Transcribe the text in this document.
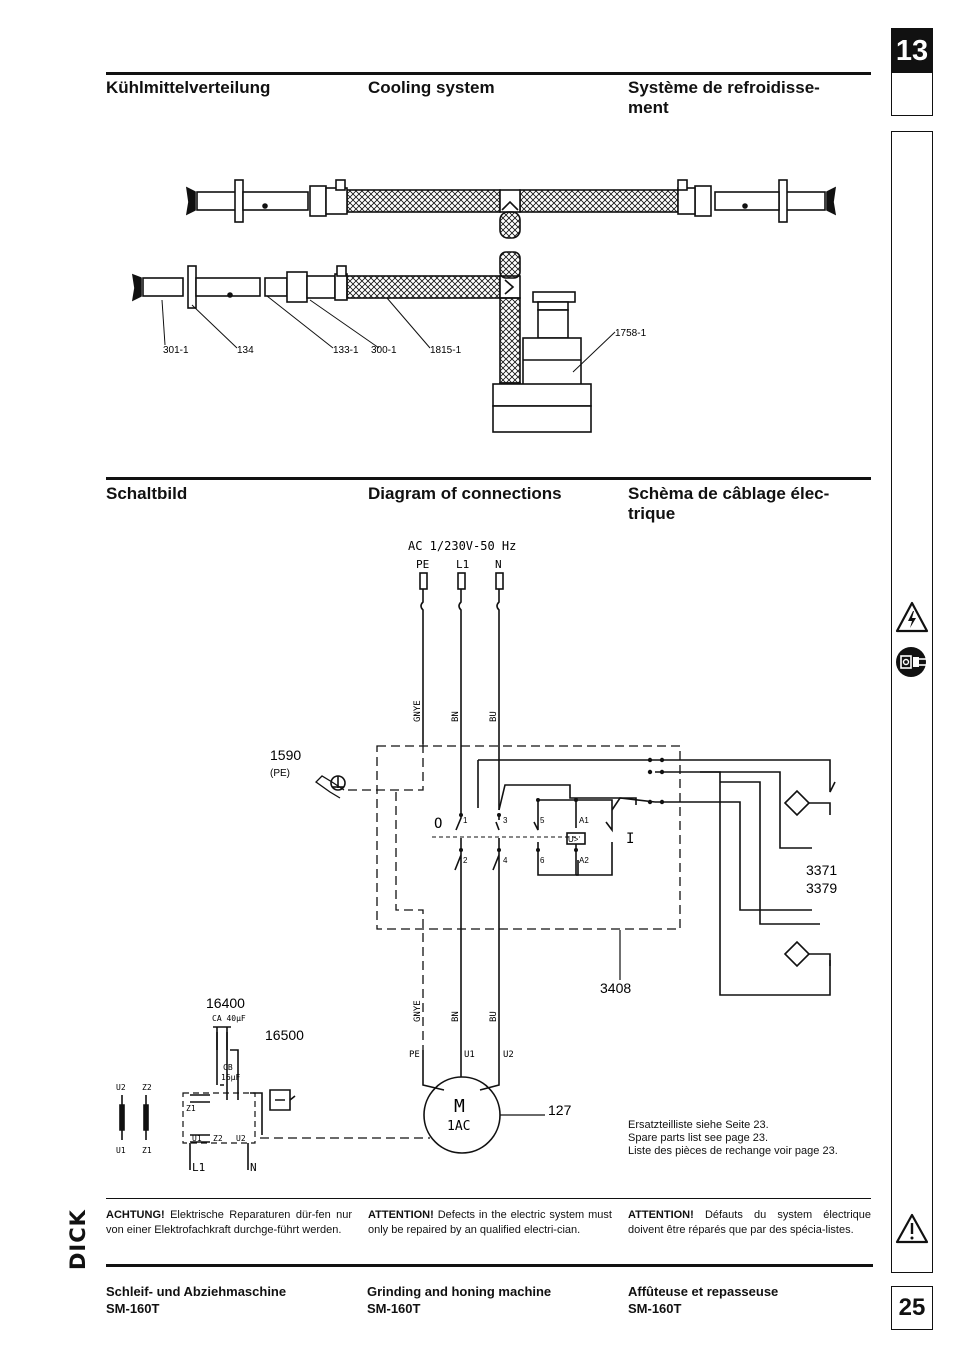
13
25
DICK
Kühlmittelverteilung	Cooling system	Système de refroidisse-
ment
301-1	134	133-1 300-1	1815-1
1758-1
Schaltbild	Diagram of connections	Schèma de câblage élec-
trique
AC 1/230V-50 Hz
PE L1 N
GNYE	BN	BU
GNYE	BN	BU
1590
(PE)
O
I
1	3	5	A1
2	4	6	A2
U>
3371
3379
3408
PE	U1	U2
M
1AC
127
16400
CA 40µF
16500
CB
16µF
U2 Z2
U1 Z1
Z1
U1 Z2 U2
L1	N
Ersatzteilliste siehe Seite 23.
Spare parts list see page 23.
Liste des pièces de rechange voir page 23.
ACHTUNG! Elektrische Reparaturen dür-fen nur von einer Elektrofachkraft durchge-führt werden.
ATTENTION! Defects in the electric system must only be repaired by an qualified electri-cian.
ATTENTION! Défauts du system électrique doivent être réparés que par des spécia-listes.
Schleif- und Abziehmaschine
SM-160T
Grinding and honing machine
SM-160T
Affûteuse et repasseuse
SM-160T
